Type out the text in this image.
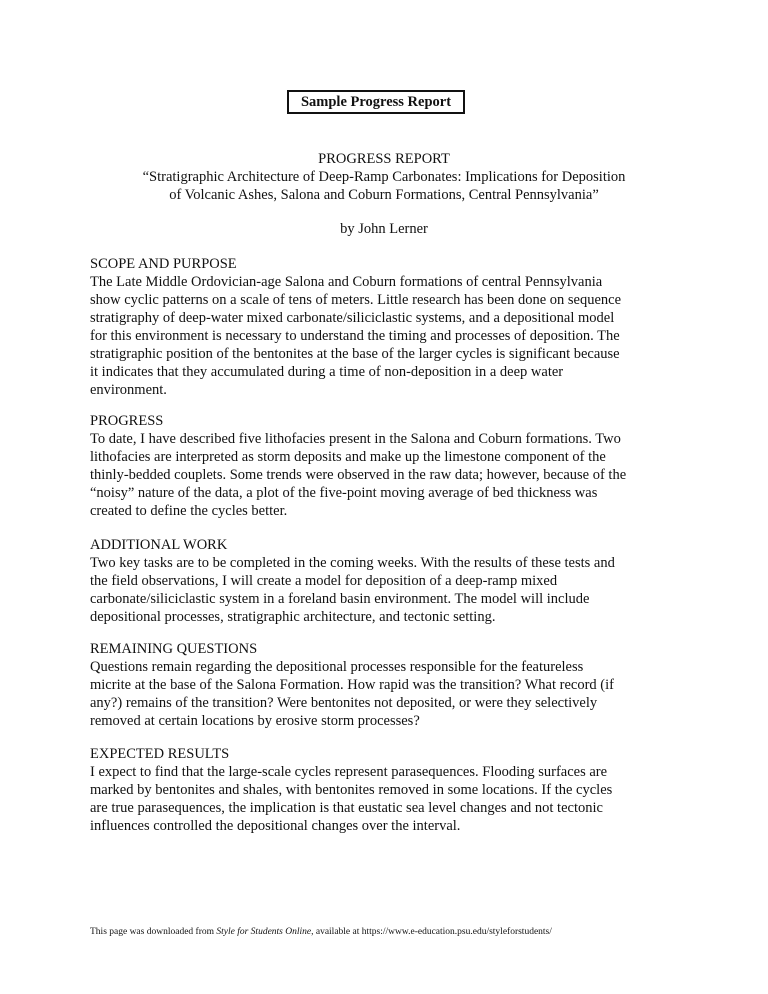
Sample Progress Report
PROGRESS REPORT
“Stratigraphic Architecture of Deep-Ramp Carbonates: Implications for Deposition
of Volcanic Ashes, Salona and Coburn Formations, Central Pennsylvania”
by John Lerner
SCOPE AND PURPOSE
The Late Middle Ordovician-age Salona and Coburn formations of central Pennsylvania
show cyclic patterns on a scale of tens of meters. Little research has been done on sequence
stratigraphy of deep-water mixed carbonate/siliciclastic systems, and a depositional model
for this environment is necessary to understand the timing and processes of deposition. The
stratigraphic position of the bentonites at the base of the larger cycles is significant because
it indicates that they accumulated during a time of non-deposition in a deep water
environment.
PROGRESS
To date, I have described five lithofacies present in the Salona and Coburn formations. Two
lithofacies are interpreted as storm deposits and make up the limestone component of the
thinly-bedded couplets. Some trends were observed in the raw data; however, because of the
“noisy” nature of the data, a plot of the five-point moving average of bed thickness was
created to define the cycles better.
ADDITIONAL WORK
Two key tasks are to be completed in the coming weeks. With the results of these tests and
the field observations, I will create a model for deposition of a deep-ramp mixed
carbonate/siliciclastic system in a foreland basin environment. The model will include
depositional processes, stratigraphic architecture, and tectonic setting.
REMAINING QUESTIONS
Questions remain regarding the depositional processes responsible for the featureless
micrite at the base of the Salona Formation. How rapid was the transition? What record (if
any?) remains of the transition? Were bentonites not deposited, or were they selectively
removed at certain locations by erosive storm processes?
EXPECTED RESULTS
I expect to find that the large-scale cycles represent parasequences. Flooding surfaces are
marked by bentonites and shales, with bentonites removed in some locations. If the cycles
are true parasequences, the implication is that eustatic sea level changes and not tectonic
influences controlled the depositional changes over the interval.
This page was downloaded from Style for Students Online, available at https://www.e-education.psu.edu/styleforstudents/
